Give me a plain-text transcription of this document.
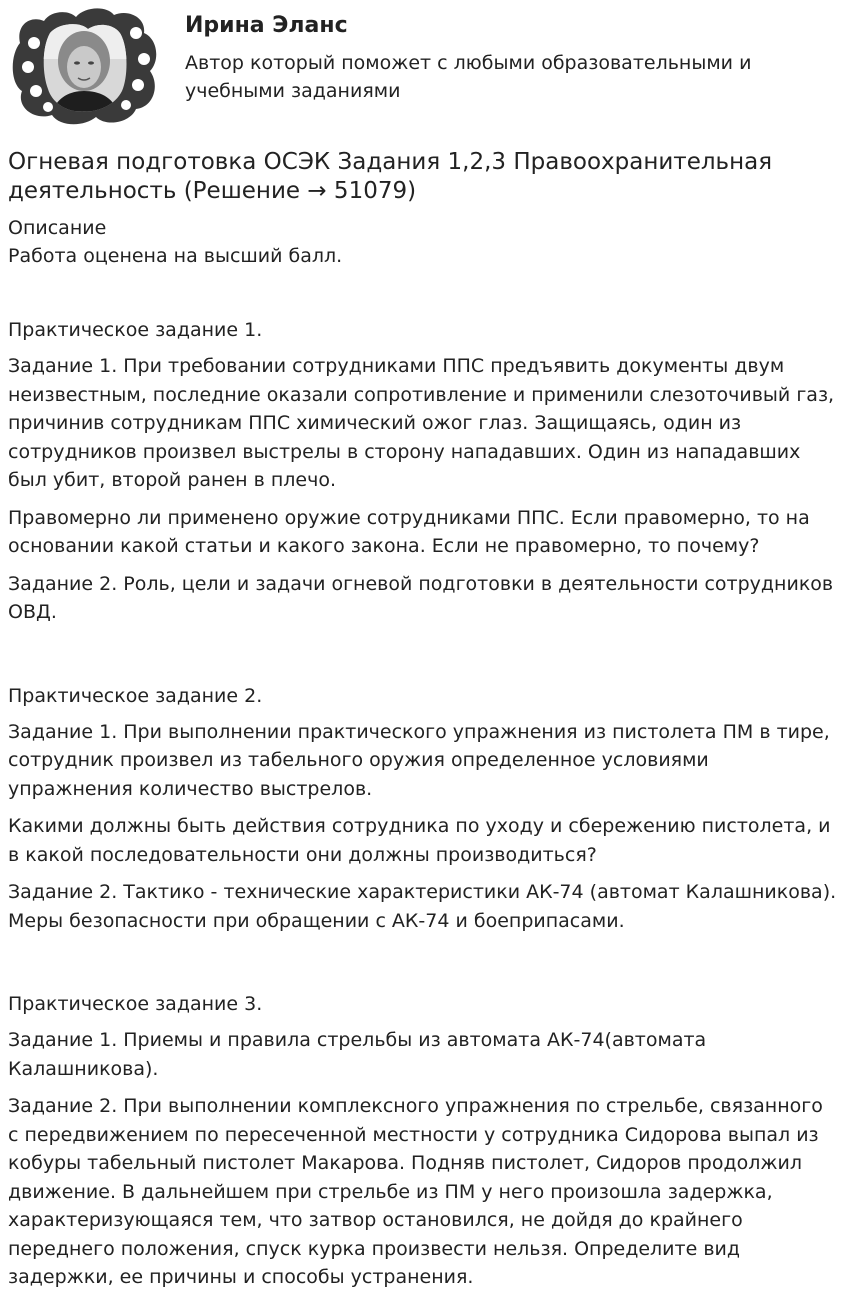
Ирина Эланс
Автор который поможет с любыми образовательными и учебными заданиями
Огневая подготовка ОСЭК Задания 1,2,3 Правоохранительная деятельность (Решение → 51079)
Описание
Работа оценена на высший балл.
Практическое задание 1.

Задание 1. При требовании сотрудниками ППС предъявить документы двум неизвестным, последние оказали сопротивление и применили слезоточивый газ, причинив сотрудникам ППС химический ожог глаз. Защищаясь, один из сотрудников произвел выстрелы в сторону нападавших. Один из нападавших был убит, второй ранен в плечо.

Правомерно ли применено оружие сотрудниками ППС. Если правомерно, то на основании какой статьи и какого закона. Если не правомерно, то почему?

Задание 2. Роль, цели и задачи огневой подготовки в деятельности сотрудников ОВД.

Практическое задание 2.

Задание 1. При выполнении практического упражнения из пистолета ПМ в тире, сотрудник произвел из табельного оружия определенное условиями упражнения количество выстрелов.

Какими должны быть действия сотрудника по уходу и сбережению пистолета, и в какой последовательности они должны производиться?

Задание 2. Тактико - технические характеристики АК-74 (автомат Калашникова). Меры безопасности при обращении с АК-74 и боеприпасами.

Практическое задание 3.

Задание 1. Приемы и правила стрельбы из автомата АК-74(автомата Калашникова).

Задание 2. При выполнении комплексного упражнения по стрельбе, связанного с передвижением по пересеченной местности у сотрудника Сидорова выпал из кобуры табельный пистолет Макарова. Подняв пистолет, Сидоров продолжил движение. В дальнейшем при стрельбе из ПМ у него произошла задержка, характеризующаяся тем, что затвор остановился, не дойдя до крайнего переднего положения, спуск курка произвести нельзя. Определите вид задержки, ее причины и способы устранения.
